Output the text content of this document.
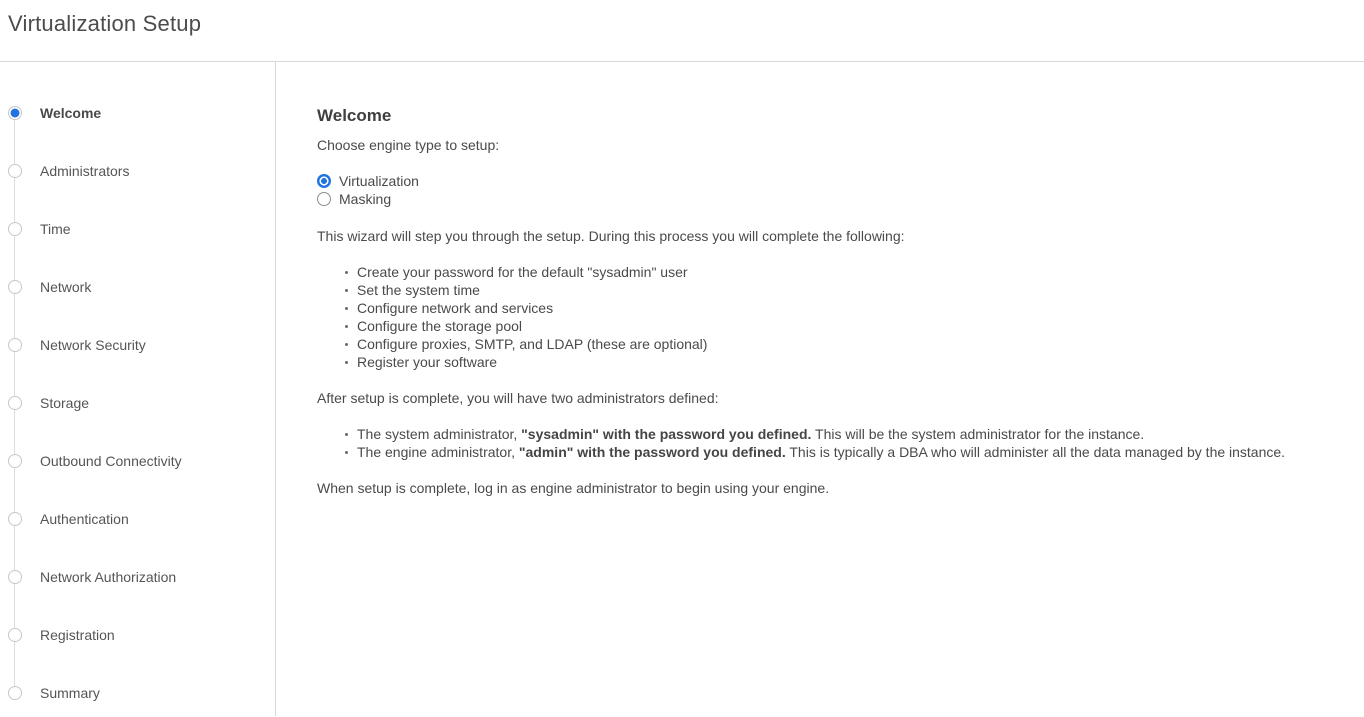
Virtualization Setup
Welcome
Administrators
Time
Network
Network Security
Storage
Outbound Connectivity
Authentication
Network Authorization
Registration
Summary
Welcome

Choose engine type to setup:

Virtualization
Masking

This wizard will step you through the setup. During this process you will complete the following:

Create your password for the default "sysadmin" user
Set the system time
Configure network and services
Configure the storage pool
Configure proxies, SMTP, and LDAP (these are optional)
Register your software

After setup is complete, you will have two administrators defined:

The system administrator, "sysadmin" with the password you defined. This will be the system administrator for the instance.
The engine administrator, "admin" with the password you defined. This is typically a DBA who will administer all the data managed by the instance.

When setup is complete, log in as engine administrator to begin using your engine.
